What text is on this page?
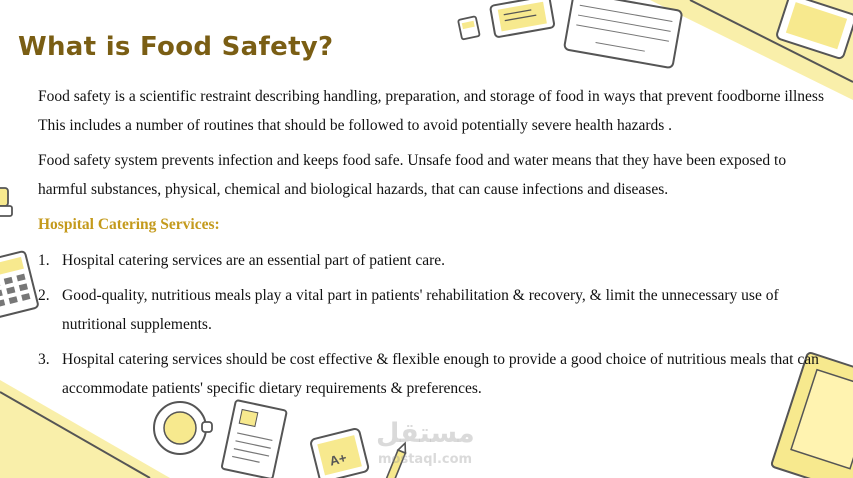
A+
What is Food Safety?

Food safety is a scientific restraint describing handling, preparation, and storage of food in ways that prevent foodborne illness This includes a number of routines that should be followed to avoid potentially severe health hazards .

Food safety system prevents infection and keeps food safe. Unsafe food and water means that they have been exposed to harmful substances, physical, chemical and biological hazards, that can cause infections and diseases.

Hospital Catering Services:
1. Hospital catering services are an essential part of patient care.
2. Good-quality, nutritious meals play a vital part in patients' rehabilitation & recovery, & limit the unnecessary use of nutritional supplements.
3. Hospital catering services should be cost effective & flexible enough to provide a good choice of nutritious meals that can accommodate patients' specific dietary requirements & preferences.
مستقل
mostaql.com
